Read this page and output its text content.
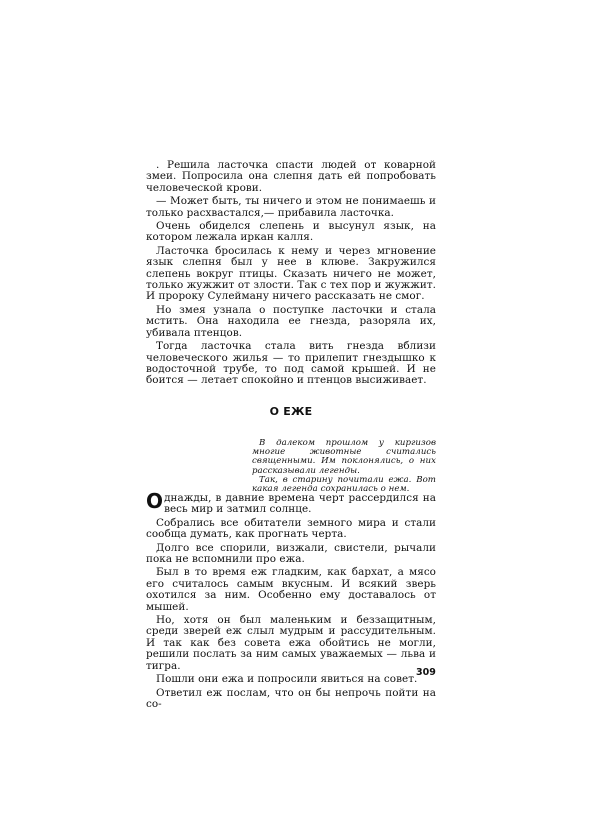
. Решила ласточка спасти людей от коварной змеи. Попросила она слепня дать ей попробовать человеческой крови.

— Может быть, ты ничего и этом не понимаешь и только расхвастался,— прибавила ласточка.

Очень обиделся слепень и высунул язык, на котором лежала иркан калля.

Ласточка бросилась к нему и через мгновение язык слепня был у нее в клюве. Закружился слепень вокруг птицы. Сказать ничего не может, только жужжит от злости. Так с тех пор и жужжит. И пророку Сулейману ничего рассказать не смог.

Но змея узнала о поступке ласточки и стала мстить. Она находила ее гнезда, разоряла их, убивала птенцов.

Тогда ласточка стала вить гнезда вблизи человеческого жилья — то прилепит гнездышко к водосточной трубе, то под самой крышей. И не боится — летает спокойно и птенцов высиживает.

О ЕЖЕ

В далеком прошлом у киргизов многие животные считались священными. Им поклонялись, о них рассказывали легенды.

Так, в старину почитали ежа. Вот какая легенда сохранилась о нем.

Однажды, в давние времена черт рассердился на весь мир и затмил солнце.

Собрались все обитатели земного мира и стали сообща думать, как прогнать черта.

Долго все спорили, визжали, свистели, рычали пока не вспомнили про ежа.

Был в то время еж гладким, как бархат, а мясо его считалось самым вкусным. И всякий зверь охотился за ним. Особенно ему доставалось от мышей.

Но, хотя он был маленьким и беззащитным, среди зверей еж слыл мудрым и рассудительным. И так как без совета ежа обойтись не могли, решили послать за ним самых уважаемых — льва и тигра.

Пошли они ежа и попросили явиться на совет.

Ответил еж послам, что он бы непрочь пойти на со-

309
